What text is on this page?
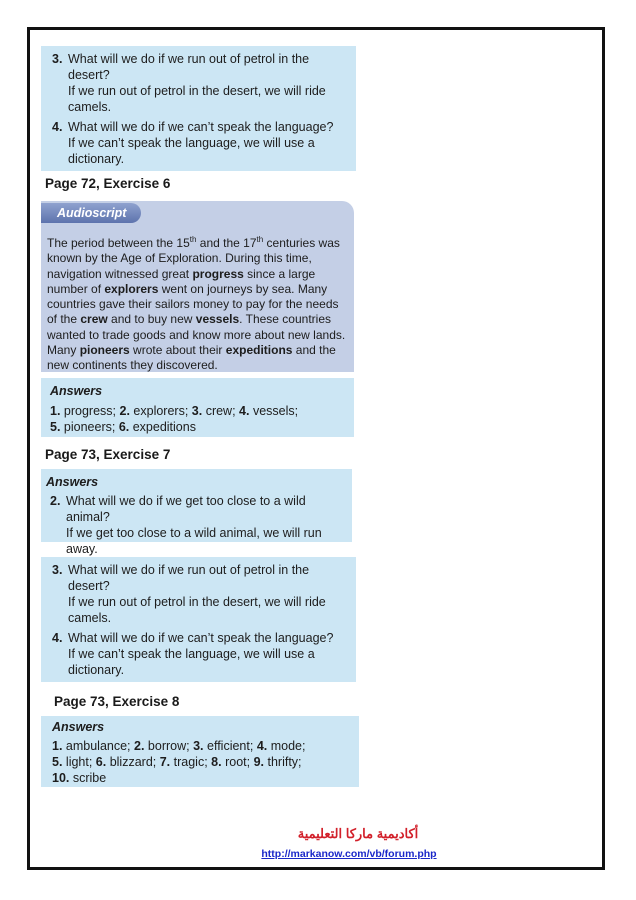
3. What will we do if we run out of petrol in the desert?

If we run out of petrol in the desert, we will ride camels.

4. What will we do if we can’t speak the language?

If we can’t speak the language, we will use a dictionary.

Page 72, Exercise 6
The period between the 15th and the 17th centuries was known by the Age of Exploration. During this time, navigation witnessed great progress since a large number of explorers went on journeys by sea. Many countries gave their sailors money to pay for the needs of the crew and to buy new vessels. These countries wanted to trade goods and know more about new lands. Many pioneers wrote about their expeditions and the new continents they discovered.
Audioscript
Answers
1. progress; 2. explorers; 3. crew; 4. vessels;
5. pioneers; 6. expeditions
Page 73, Exercise 7
Answers
2. What will we do if we get too close to a wild animal?

If we get too close to a wild animal, we will run away.

3. What will we do if we run out of petrol in the desert?

If we run out of petrol in the desert, we will ride camels.

4. What will we do if we can’t speak the language?

If we can’t speak the language, we will use a dictionary.

Page 73, Exercise 8
Answers
1. ambulance; 2. borrow; 3. efficient; 4. mode;
5. light; 6. blizzard; 7. tragic; 8. root; 9. thrifty;
10. scribe
أكاديمية ماركا التعليمية
http://markanow.com/vb/forum.php
